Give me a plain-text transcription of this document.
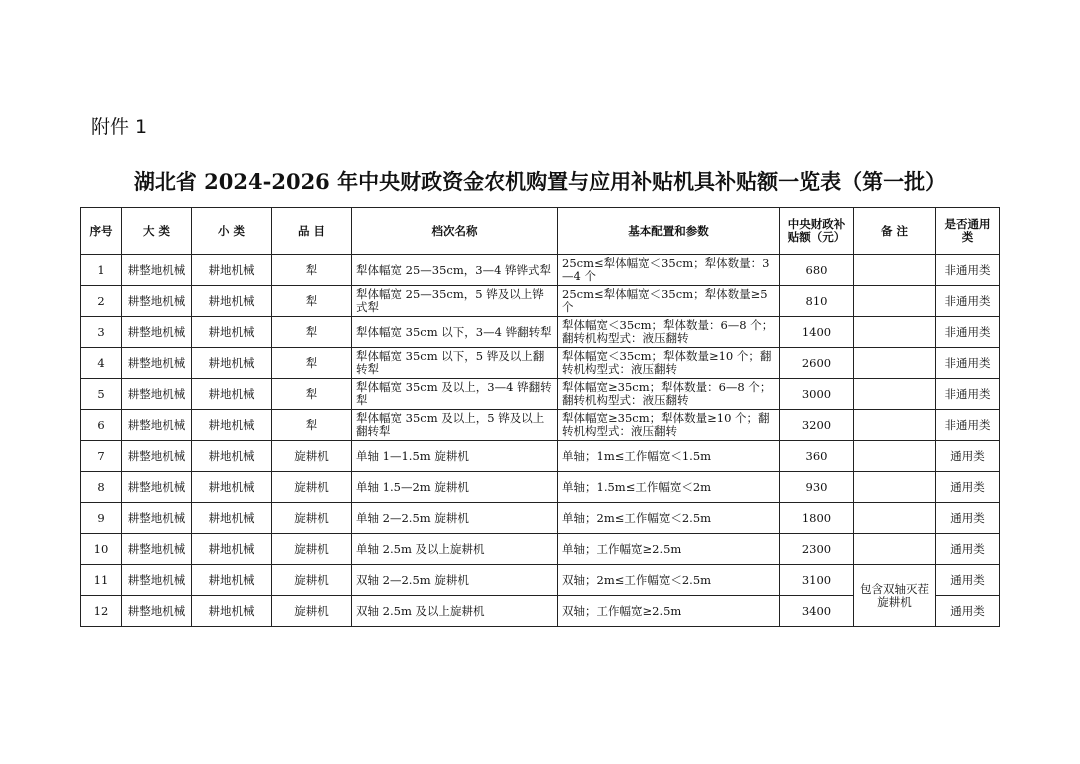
附件 1
湖北省 2024-2026 年中央财政资金农机购置与应用补贴机具补贴额一览表（第一批）
序号	大 类	小 类	品 目	档次名称	基本配置和参数	中央财政补贴额（元）	备 注	是否通用类
1	耕整地机械	耕地机械	犁	犁体幅宽 25—35cm，3—4 铧铧式犁	25cm≤犁体幅宽＜35cm；犁体数量：3—4 个	680		非通用类
2	耕整地机械	耕地机械	犁	犁体幅宽 25—35cm，5 铧及以上铧式犁	25cm≤犁体幅宽＜35cm；犁体数量≥5 个	810		非通用类
3	耕整地机械	耕地机械	犁	犁体幅宽 35cm 以下，3—4 铧翻转犁	犁体幅宽＜35cm；犁体数量：6—8 个；翻转机构型式：液压翻转	1400		非通用类
4	耕整地机械	耕地机械	犁	犁体幅宽 35cm 以下，5 铧及以上翻转犁	犁体幅宽＜35cm；犁体数量≥10 个；翻转机构型式：液压翻转	2600		非通用类
5	耕整地机械	耕地机械	犁	犁体幅宽 35cm 及以上，3—4 铧翻转犁	犁体幅宽≥35cm；犁体数量：6—8 个；翻转机构型式：液压翻转	3000		非通用类
6	耕整地机械	耕地机械	犁	犁体幅宽 35cm 及以上，5 铧及以上翻转犁	犁体幅宽≥35cm；犁体数量≥10 个；翻转机构型式：液压翻转	3200		非通用类
7	耕整地机械	耕地机械	旋耕机	单轴 1—1.5m 旋耕机	单轴；1m≤工作幅宽＜1.5m	360		通用类
8	耕整地机械	耕地机械	旋耕机	单轴 1.5—2m 旋耕机	单轴；1.5m≤工作幅宽＜2m	930		通用类
9	耕整地机械	耕地机械	旋耕机	单轴 2—2.5m 旋耕机	单轴；2m≤工作幅宽＜2.5m	1800		通用类
10	耕整地机械	耕地机械	旋耕机	单轴 2.5m 及以上旋耕机	单轴；工作幅宽≥2.5m	2300		通用类
11	耕整地机械	耕地机械	旋耕机	双轴 2—2.5m 旋耕机	双轴；2m≤工作幅宽＜2.5m	3100	包含双轴灭茬旋耕机	通用类
12	耕整地机械	耕地机械	旋耕机	双轴 2.5m 及以上旋耕机	双轴；工作幅宽≥2.5m	3400		通用类
